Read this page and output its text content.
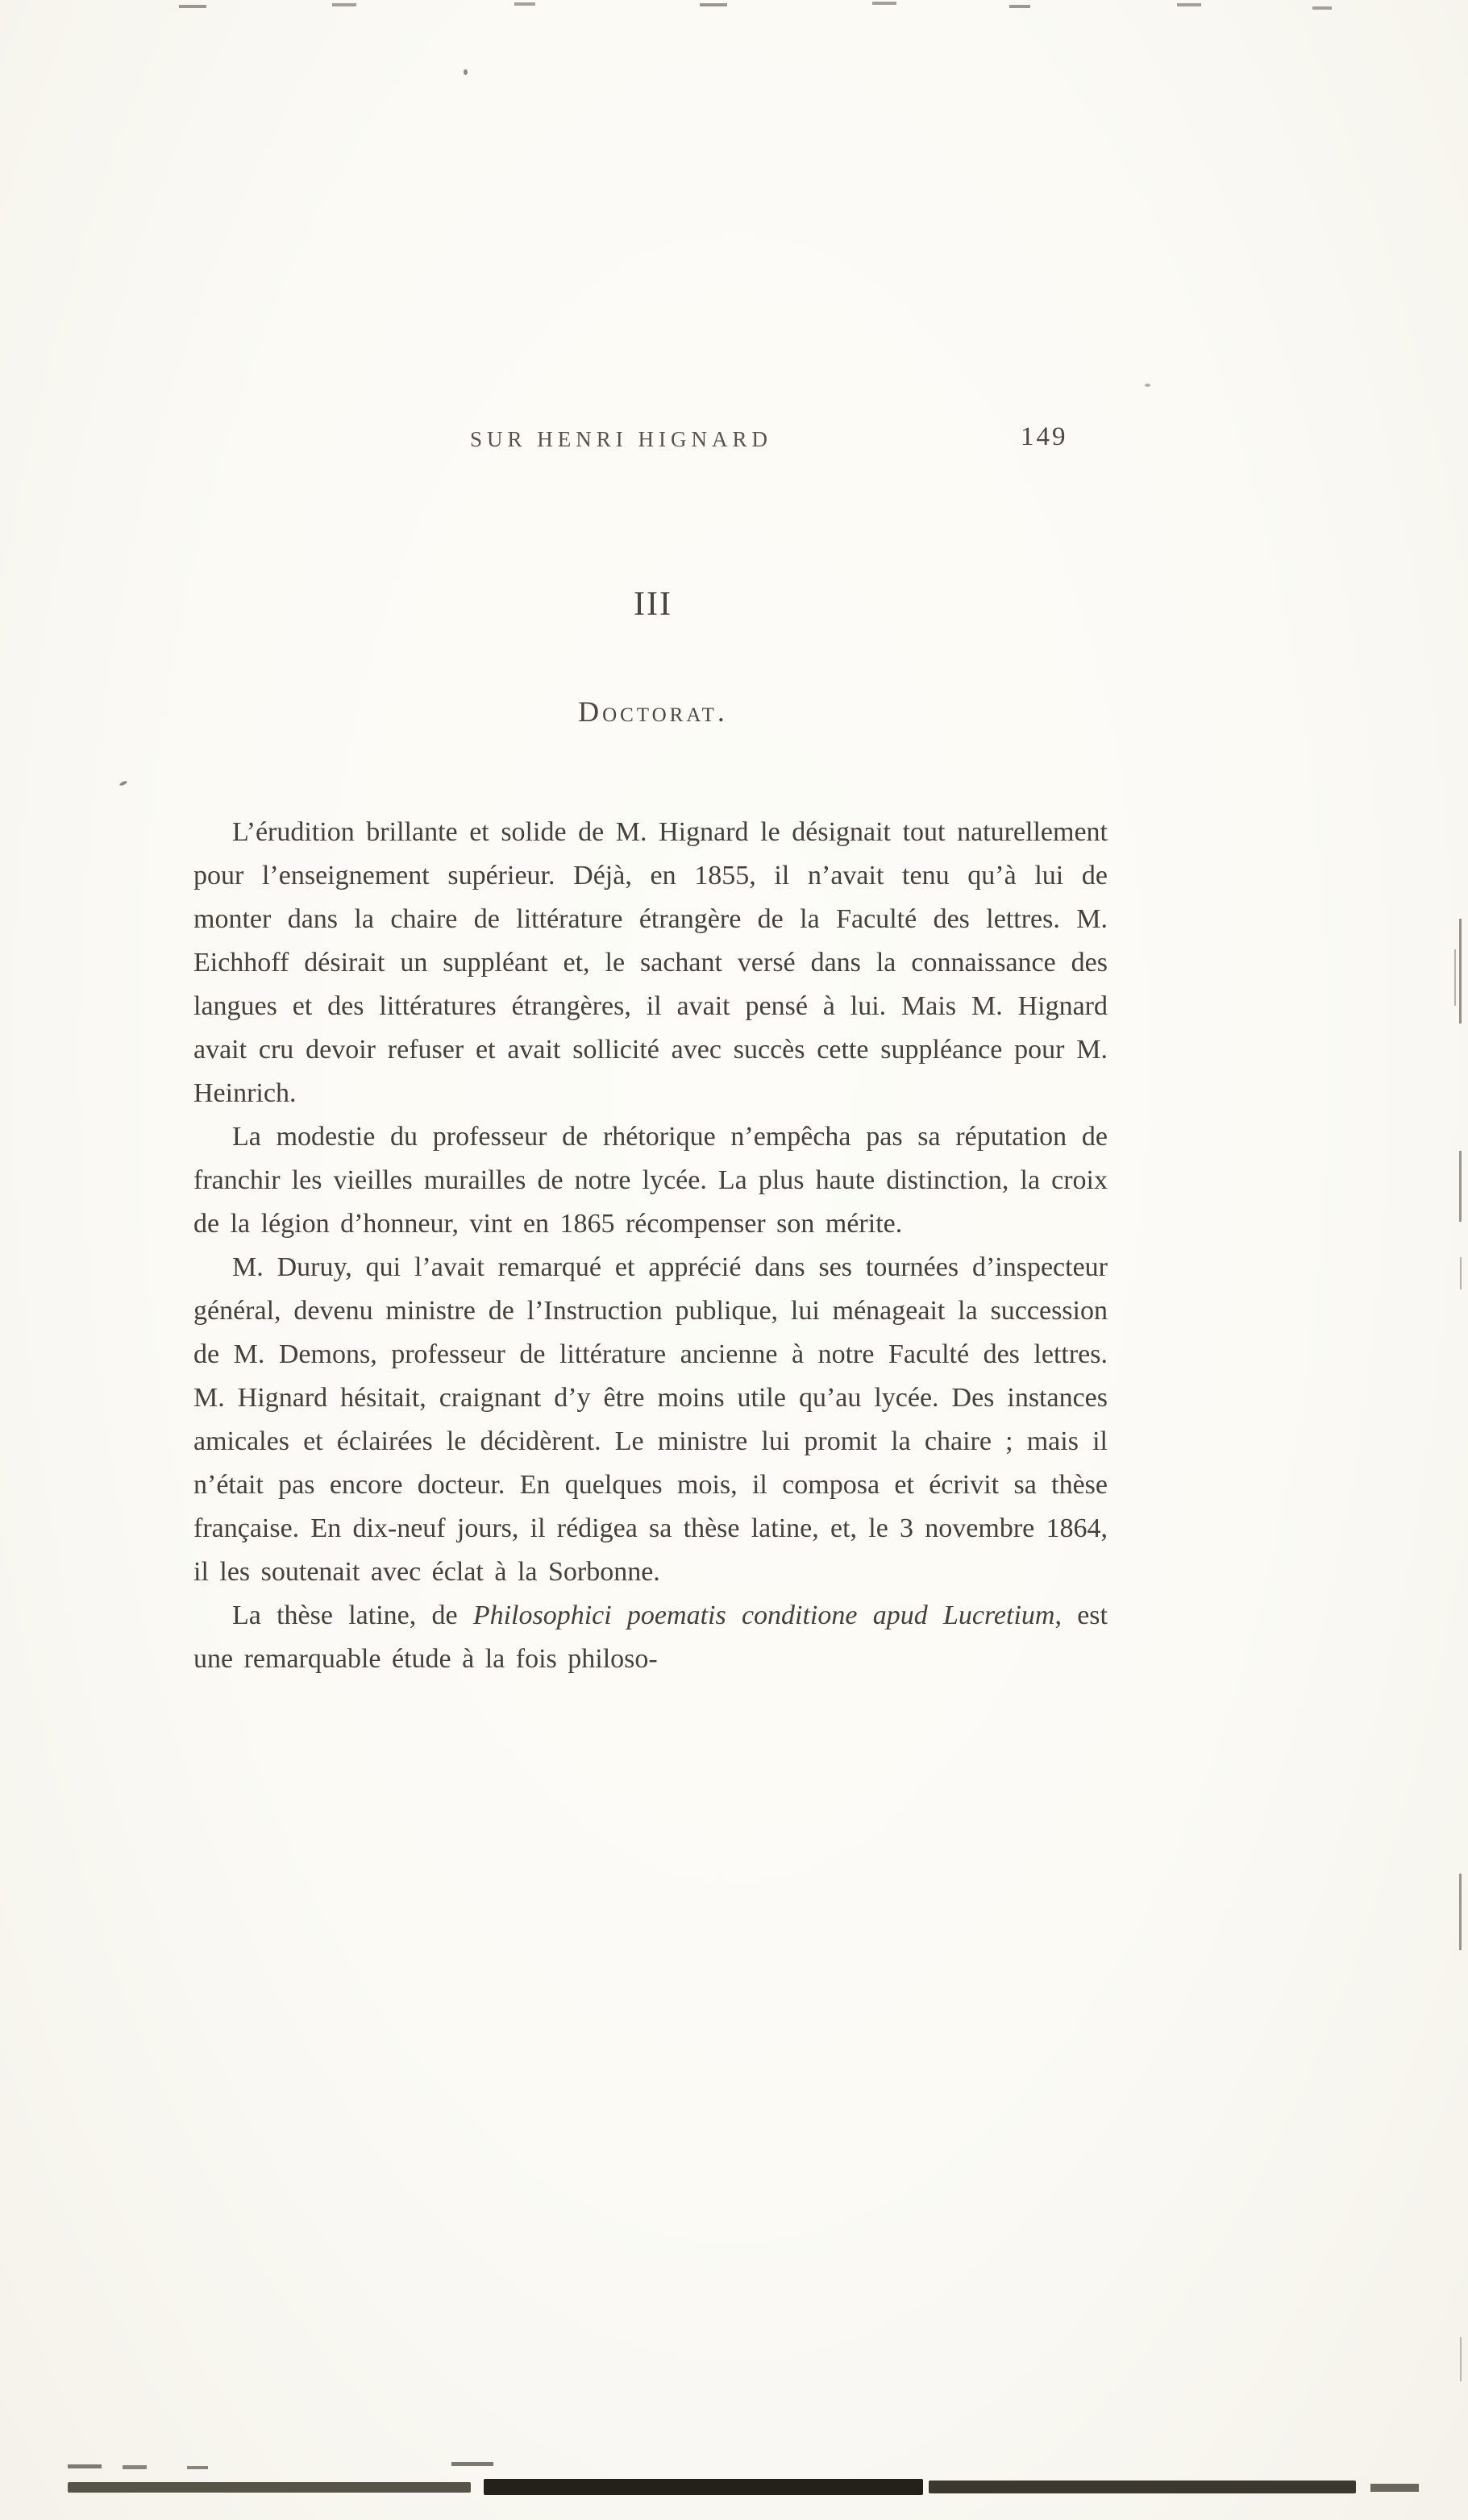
SUR HENRI HIGNARD	149
III
Doctorat.

L’érudition brillante et solide de M. Hignard le désignait tout naturellement pour l’enseignement supérieur. Déjà, en 1855, il n’avait tenu qu’à lui de monter dans la chaire de littérature étrangère de la Faculté des lettres. M. Eichhoff désirait un suppléant et, le sachant versé dans la connaissance des langues et des littératures étrangères, il avait pensé à lui. Mais M. Hignard avait cru devoir refuser et avait sollicité avec succès cette suppléance pour M. Heinrich.

La modestie du professeur de rhétorique n’empêcha pas sa réputation de franchir les vieilles murailles de notre lycée. La plus haute distinction, la croix de la légion d’honneur, vint en 1865 récompenser son mérite.

M. Duruy, qui l’avait remarqué et apprécié dans ses tournées d’inspecteur général, devenu ministre de l’Instruction publique, lui ménageait la succession de M. Demons, professeur de littérature ancienne à notre Faculté des lettres. M. Hignard hésitait, craignant d’y être moins utile qu’au lycée. Des instances amicales et éclairées le décidèrent. Le ministre lui promit la chaire ; mais il n’était pas encore docteur. En quelques mois, il composa et écrivit sa thèse française. En dix-neuf jours, il rédigea sa thèse latine, et, le 3 novembre 1864, il les soutenait avec éclat à la Sorbonne.

La thèse latine, de Philosophici poematis conditione apud Lucretium, est une remarquable étude à la fois philoso-
